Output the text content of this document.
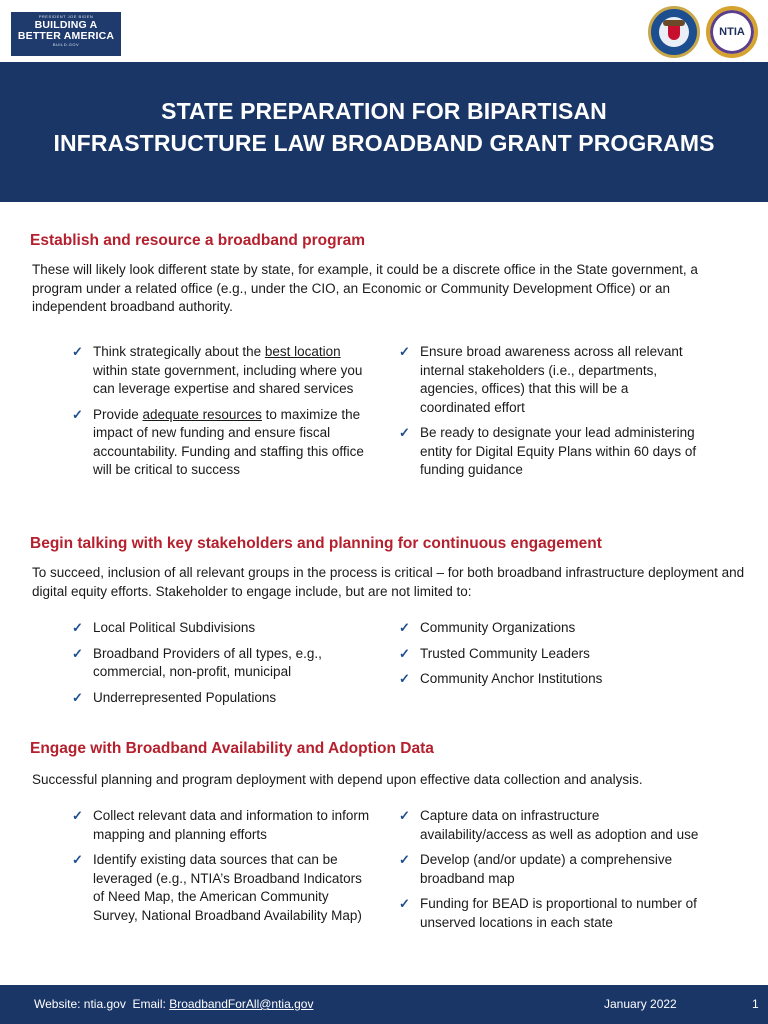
PRESIDENT JOE BIDEN
BUILDING A
BETTER AMERICA
BUILD.GOV
NTIA
STATE PREPARATION FOR BIPARTISAN
INFRASTRUCTURE LAW BROADBAND GRANT PROGRAMS
Establish and resource a broadband program

These will likely look different state by state, for example, it could be a discrete office in the State government, a program under a related office (e.g., under the CIO, an Economic or Community Development Office) or an independent broadband authority.

✓ Think strategically about the best location within state government, including where you can leverage expertise and shared services
✓ Provide adequate resources to maximize the impact of new funding and ensure fiscal accountability. Funding and staffing this office will be critical to success
✓ Ensure broad awareness across all relevant internal stakeholders (i.e., departments, agencies, offices) that this will be a coordinated effort
✓ Be ready to designate your lead administering entity for Digital Equity Plans within 60 days of funding guidance
Begin talking with key stakeholders and planning for continuous engagement

To succeed, inclusion of all relevant groups in the process is critical – for both broadband infrastructure deployment and digital equity efforts. Stakeholder to engage include, but are not limited to:

✓ Local Political Subdivisions
✓ Broadband Providers of all types, e.g., commercial, non-profit, municipal
✓ Underrepresented Populations
✓ Community Organizations
✓ Trusted Community Leaders
✓ Community Anchor Institutions
Engage with Broadband Availability and Adoption Data

Successful planning and program deployment with depend upon effective data collection and analysis.

✓ Collect relevant data and information to inform mapping and planning efforts
✓ Identify existing data sources that can be leveraged (e.g., NTIA’s Broadband Indicators of Need Map, the American Community Survey, National Broadband Availability Map)
✓ Capture data on infrastructure availability/access as well as adoption and use
✓ Develop (and/or update) a comprehensive broadband map
✓ Funding for BEAD is proportional to number of unserved locations in each state
Website: ntia.gov Email: BroadbandForAll@ntia.gov	January 2022	1
